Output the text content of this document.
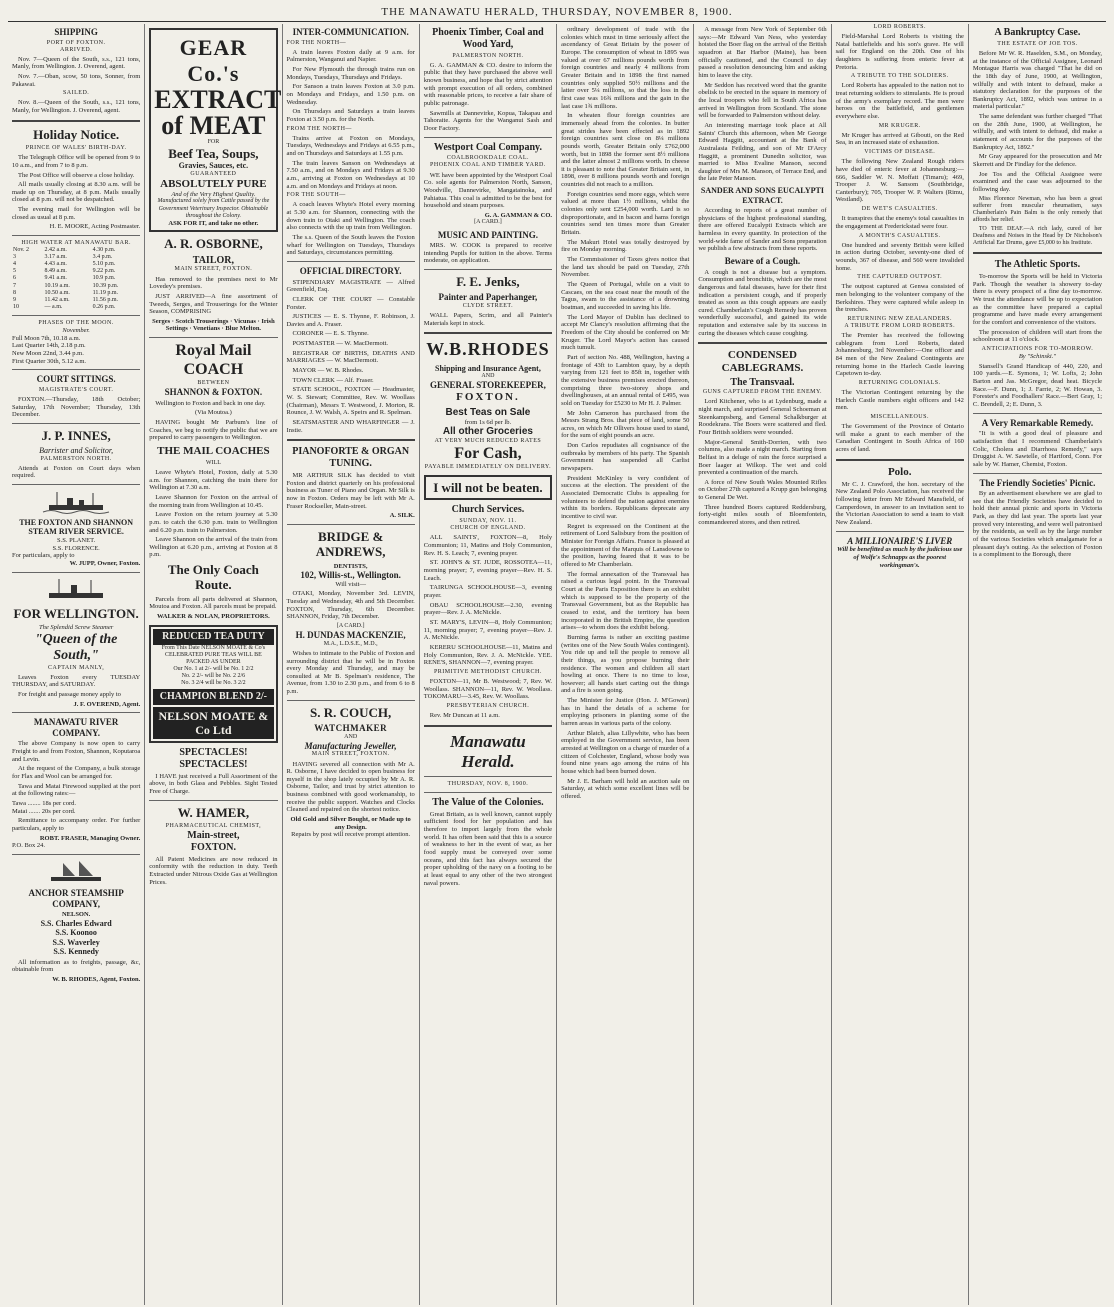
THE MANAWATU HERALD, THURSDAY, NOVEMBER 8, 1900.
SHIPPING
PORT OF FOXTON.
ARRIVED.

Nov. 7—Queen of the South, s.s., 121 tons, Manly, from Wellington. J. Overend, agent.

Nov. 7.—Oban, scow, 50 tons, Sonner, from Pakawai.

SAILED.

Nov. 8.—Queen of the South, s.s., 121 tons, Manly, for Wellington. J. Overend, agent.

Holiday Notice.
PRINCE OF WALES' BIRTH-DAY.

The Telegraph Office will be opened from 9 to 10 a.m., and from 7 to 8 p.m.

The Post Office will observe a close holiday.

All mails usually closing at 8.30 a.m. will be made up on Thursday, at 8 p.m. Mails usually closed at 8 p.m. will not be despatched.

The evening mail for Wellington will be closed as usual at 8 p.m.

H. E. MOORE, Acting Postmaster.
HIGH WATER AT MANAWATU BAR.
Nov. 2	2.42 a.m.	4.30 p.m.
3	3.17 a.m.	3.4 p.m.
4	4.43 a.m.	5.10 p.m.
5	8.49 a.m.	9.22 p.m.
6	9.41 a.m.	10.9 p.m.
7	10.19 a.m.	10.39 p.m.
8	10.50 a.m.	11.19 p.m.
9	11.42 a.m.	11.56 p.m.
10	— a.m.	0.26 p.m.
PHASES OF THE MOON.
November.
Full Moon 7th, 10.18 a.m.
Last Quarter 14th, 2.18 p.m.
New Moon 22nd, 3.44 p.m.
First Quarter 30th, 5.12 a.m.
COURT SITTINGS.
MAGISTRATE'S COURT.

FOXTON.—Thursday, 18th October; Saturday, 17th November; Thursday, 13th December.

J. P. INNES,
Barrister and Solicitor,
PALMERSTON NORTH.

Attends at Foxton on Court days when required.

THE FOXTON AND SHANNON STEAM RIVER SERVICE.
S.S. PLANET.
S.S. FLORENCE.
For particulars, apply to
W. JUPP, Owner, Foxton.
FOR WELLINGTON.
The Splendid Screw Steamer
"Queen of the South,"
CAPTAIN MANLY,

Leaves Foxton every TUESDAY THURSDAY, and SATURDAY.

For freight and passage money apply to

J. F. OVEREND, Agent.
MANAWATU RIVER COMPANY.

The above Company is now open to carry Freight to and from Foxton, Shannon, Koputaroa and Levin.

At the request of the Company, a bulk storage for Flax and Wool can be arranged for.

Tawa and Matai Firewood supplied at the port at the following rates:—

Tawa ........ 18s per cord.
Matai ....... 20s per cord.

Remittance to accompany order. For further particulars, apply to

ROBT. FRASER, Managing Owner.
P.O. Box 24.
ANCHOR STEAMSHIP COMPANY,
NELSON.
S.S. Charles Edward
S.S. Koonoo
S.S. Waverley
S.S. Kennedy

All information as to freights, passage, &c, obtainable from

W. B. RHODES, Agent, Foxton.
GEAR Co.'s
EXTRACT of MEAT
FOR
Beef Tea, Soups,
Gravies, Sauces, etc.
GUARANTEED
ABSOLUTELY PURE
And of the Very Highest Quality.
Manufactured solely from Cattle passed by the Government Veterinary Inspector. Obtainable throughout the Colony.
ASK FOR IT, and take no other.
A. R. OSBORNE,
TAILOR,
MAIN STREET, FOXTON.

Has removed to the premises next to Mr Lovedey's premises.

JUST ARRIVED—A fine assortment of Tweeds, Serges, and Trouserings for the Winter Season, COMPRISING

Serges · Scotch Trouserings · Vicunas · Irish Settings · Venetians · Blue Melton.
Royal Mail COACH
BETWEEN
SHANNON & FOXTON.

Wellington to Foxton and back in one day.

(Via Moutoa.)

HAVING bought Mr Parbum's line of Coaches, we beg to notify the public that we are prepared to carry passengers to Wellington.

THE MAIL COACHES
WILL

Leave Whyte's Hotel, Foxton, daily at 5.30 a.m. for Shannon, catching the train there for Wellington at 7.30 a.m.

Leave Shannon for Foxton on the arrival of the morning train from Wellington at 10.45.

Leave Foxton on the return journey at 5.30 p.m. to catch the 6.30 p.m. train to Wellington and 6.20 p.m. train to Palmerston.

Leave Shannon on the arrival of the train from Wellington at 6.20 p.m., arriving at Foxton at 8 p.m.

The Only Coach Route.

Parcels from all parts delivered at Shannon, Moutoa and Foxton. All parcels must be prepaid.

WALKER & NOLAN, PROPRIETORS.
REDUCED TEA DUTY
From This Date NELSON MOATE & Co's CELEBRATED PURE TEAS WILL BE PACKED AS UNDER
Our No. 1 at 2/- will be No. 1 2/2
No. 2 2/- will be No. 2 2/6
No. 3 2/4 will be No. 3 2/2
CHAMPION BLEND 2/-
NELSON MOATE & Co Ltd
SPECTACLES! SPECTACLES!

I HAVE just received a Full Assortment of the above, in both Glass and Pebbles. Sight Tested Free of Charge.

W. HAMER,
PHARMACEUTICAL CHEMIST,
Main-street,
FOXTON.

All Patent Medicines are now reduced in conformity with the reduction in duty. Teeth Extracted under Nitrous Oxide Gas at Wellington Prices.

INTER-COMMUNICATION.
FOR THE NORTH—

A train leaves Foxton daily at 9 a.m. for Palmerston, Wanganui and Napier.

For New Plymouth the through trains run on Mondays, Tuesdays, Thursdays and Fridays.

For Sanson a train leaves Foxton at 3.0 p.m. on Mondays and Fridays, and 1.50 p.m. on Wednesday.

On Thursdays and Saturdays a train leaves Foxton at 3.50 p.m. for the North.

FROM THE NORTH—

Trains arrive at Foxton on Mondays, Tuesdays, Wednesdays and Fridays at 6.55 p.m., and on Thursdays and Saturdays at 1.55 p.m.

The train leaves Sanson on Wednesdays at 7.50 a.m., and on Mondays and Fridays at 9.30 a.m., arriving at Foxton on Wednesdays at 10 a.m. and on Mondays and Fridays at noon.

FOR THE SOUTH—

A coach leaves Whyte's Hotel every morning at 5.30 a.m. for Shannon, connecting with the down train to Otaki and Wellington. The coach also connects with the up train from Wellington.

The s.s. Queen of the South leaves the Foxton wharf for Wellington on Tuesdays, Thursdays and Saturdays, circumstances permitting.

OFFICIAL DIRECTORY.

STIPENDIARY MAGISTRATE — Alfred Greenfield, Esq.

CLERK OF THE COURT — Constable Forster.

JUSTICES — E. S. Thynne, F. Robinson, J. Davies and A. Fraser.

CORONER — E. S. Thynne.

POSTMASTER — W. MacDermott.

REGISTRAR OF BIRTHS, DEATHS AND MARRIAGES — W. MacDermott.

MAYOR — W. B. Rhodes.

TOWN CLERK — Alf. Fraser.

STATE SCHOOL, FOXTON — Headmaster, W. S. Stewart; Committee, Rev. W. Woollass (Chairman), Messrs T. Westwood, J. Morton, R. Rounce, J. W. Walsh, A. Speirs and R. Spelman.

SEATSMASTER AND WHARFINGER — J. Instie.

PIANOFORTE & ORGAN TUNING.

MR ARTHUR SILK has decided to visit Foxton and district quarterly on his professional business as Tuner of Piano and Organ. Mr Silk is now in Foxton. Orders may be left with Mr A. Fraser Rockseller, Main-street.

A. SILK.
BRIDGE & ANDREWS,
DENTISTS,
102, Willis-st., Wellington.
Will visit—

OTAKI, Monday, November 3rd. LEVIN, Tuesday and Wednesday, 4th and 5th December. FOXTON, Thursday, 6th December. SHANNON, Friday, 7th December.

[A CARD.]
H. DUNDAS MACKENZIE,
M.A., L.D.S.E., M.D.,

Wishes to intimate to the Public of Foxton and surrounding district that he will be in Foxton every Monday and Thursday, and may be consulted at Mr B. Spelman's residence, The Avenue, from 1.30 to 2.30 p.m., and from 6 to 8 p.m.

S. R. COUCH,
WATCHMAKER
AND
Manufacturing Jeweller,
MAIN STREET, FOXTON.

HAVING severed all connection with Mr A. R. Osborne, I have decided to open business for myself in the shop lately occupied by Mr A. R. Osborne, Tailor, and trust by strict attention to business combined with good workmanship, to receive the public support. Watches and Clocks Cleaned and repaired on the shortest notice.

Old Gold and Silver Bought, or Made up to any Design.
Repairs by post will receive prompt attention.
Phoenix Timber, Coal and Wood Yard,
PALMERSTON NORTH.

G. A. GAMMAN & CO. desire to inform the public that they have purchased the above well known business, and hope that by strict attention with prompt execution of all orders, combined with reasonable prices, to receive a fair share of public patronage.

Sawmills at Dannevirke, Kopua, Takapau and Tahoraite. Agents for the Wanganui Sash and Door Factory.

Westport Coal Company.
COALBROOKDALE COAL.
PHOENIX COAL AND TIMBER YARD.

WE have been appointed by the Westport Coal Co. sole agents for Palmerston North, Sanson, Woodville, Dannevirke, Mangatainoka, and Pahiatua. This coal is admitted to be the best for household and steam purposes.

G. A. GAMMAN & CO.
[A CARD.]
MUSIC AND PAINTING.

MRS. W. COOK is prepared to receive intending Pupils for tuition in the above. Terms moderate, on application.

F. E. Jenks,
Painter and Paperhanger,
CLYDE STREET.

WALL Papers, Scrim, and all Painter's Materials kept in stock.

W.B.RHODES
Shipping and Insurance Agent,
AND
GENERAL STOREKEEPER,
FOXTON.
Best Teas on Sale
from 1s 6d per lb.
All other Groceries
AT VERY MUCH REDUCED RATES
For Cash,
PAYABLE IMMEDIATELY ON DELIVERY.
I will not be beaten.
Church Services.
SUNDAY, NOV. 11.
CHURCH OF ENGLAND.

ALL SAINTS', FOXTON—8, Holy Communion; 11, Matins and Holy Communion, Rev. H. S. Leach; 7, evening prayer.

ST. JOHN'S & ST. JUDE, ROSSOTEA—11, morning prayer; 7, evening prayer—Rev. H. S. Leach.

TAIRUNGA SCHOOLHOUSE—3, evening prayer.

OBAU SCHOOLHOUSE—2.30, evening prayer—Rev. J. A. McNickle.

ST. MARY'S, LEVIN—8, Holy Communion; 11, morning prayer; 7, evening prayer—Rev. J. A. McNickle.

KERERU SCHOOLHOUSE—11, Matins and Holy Communion, Rev. J. A. McNickle. YEE. RENE'S, SHANNON—7, evening prayer.

PRIMITIVE METHODIST CHURCH.

FOXTON—11, Mr B. Westwood; 7, Rev. W. Woollass. SHANNON—11, Rev. W. Woollass. TOKOMARU—3.45, Rev. W. Woollass.

PRESBYTERIAN CHURCH.

Rev. Mr Duncan at 11 a.m.

Manawatu Herald.
THURSDAY, NOV. 8, 1900.
The Value of the Colonies.

Great Britain, as is well known, cannot supply sufficient food for her population and has therefore to import largely from the whole world. It has often been said that this is a source of weakness to her in the event of war, as her food supply must be conveyed over some oceans, and this fact has always secured the proper upholding of the navy on a footing to be at least equal to any other of the two strongest naval powers.

ordinary development of trade with the colonies which must in time seriously affect the ascendancy of Great Britain by the power of Europe. The consumption of wheat in 1895 was valued at over 67 millions pounds worth from foreign countries and nearly 4 millions from Greater Britain and in 1898 the first named countries only supplied 50½ millions and the latter over 5¼ millions, so that the loss in the first case was 16¾ millions and the gain in the last case 1¾ millions.

In wheaten flour foreign countries are immensely ahead from the colonies. In butter great strides have been effected as in 1892 foreign countries sent close on 8¼ millions pounds worth, Greater Britain only £762,000 worth, but in 1898 the former sent 8½ millions and the latter almost 2 millions worth. In cheese it is pleasant to note that Greater Britain sent, in 1898, over 8 millions pounds worth and foreign countries did not reach to a million.

Foreign countries send more eggs, which were valued at more than 1½ millions, whilst the colonies only sent £254,000 worth. Lard is so disproportionate, and in bacon and hams foreign countries send ten times more than Greater Britain.

The Makuri Hotel was totally destroyed by fire on Monday morning.

The Commissioner of Taxes gives notice that the land tax should be paid on Tuesday, 27th November.

The Queen of Portugal, while on a visit to Cascaes, on the sea coast near the mouth of the Tagus, swam to the assistance of a drowning boatman, and succeeded in saving his life.

The Lord Mayor of Dublin has declined to accept Mr Clancy's resolution affirming that the Freedom of the City should be conferred on Mr Kruger. The Lord Mayor's action has caused much tumult.

Part of section No. 488, Wellington, having a frontage of 43ft to Lambton quay, by a depth varying from 121 feet to 85ft in, together with the extensive business premises erected thereon, comprising three two-storey shops and dwellinghouses, at an annual rental of £495, was sold on Tuesday for £5230 to Mr H. J. Palmer.

Mr John Cameron has purchased from the Messrs Strang Bros. that piece of land, some 50 acres, on which Mr Ollivers house used to stand, for the sum of eight pounds an acre.

Don Carlos repudiates all cognisance of the outbreaks by members of his party. The Spanish Government has suspended all Carlist newspapers.

President McKinley is very confident of success at the election. The president of the Associated Democratic Clubs is appealing for volunteers to defend the nation against enemies within its borders. Republicans deprecate any incentive to civil war.

Regret is expressed on the Continent at the retirement of Lord Salisbury from the position of Minister for Foreign Affairs. France is pleased at the appointment of the Marquis of Lansdowne to the position, having feared that it was to be offered to Mr Chamberlain.

The formal annexation of the Transvaal has raised a curious legal point. In the Transvaal Court at the Paris Exposition there is an exhibit which is supposed to be the property of the Transvaal Government, but as the Republic has ceased to exist, and the territory has been incorporated in the British Empire, the question arises—to whom does the exhibit belong.

Burning farms is rather an exciting pastime (writes one of the New South Wales contingent). You ride up and tell the people to remove all their things, as you propose burning their residence. The women and children all start howling at once. There is no time to lose, however; all hands start carting out the things and a fire is soon going.

The Minister for Justice (Hon. J. M'Gowan) has in hand the details of a scheme for employing prisoners in planting some of the barren areas in various parts of the colony.

Arthur Blatch, alias Lillywhite, who has been employed in the Government service, has been arrested at Wellington on a charge of murder of a citizen of Colchester, England, whose body was found nine years ago among the ruins of his house which had been burned down.

Mr J. E. Barham will hold an auction sale on Saturday, at which some excellent lines will be offered.

A message from New York of September 6th says:—Mr Edward Van Ness, who yesterday hoisted the Boer flag on the arrival of the British squadron at Bar Harbor (Maine), has been officially cautioned, and the Council to day passed a resolution denouncing him and asking him to leave the city.

Mr Seddon has received word that the granite obelisk to be erected in the square in memory of the local troopers who fell in South Africa has arrived in Wellington from Scotland. The stone will be forwarded to Palmerston without delay.

An interesting marriage took place at All Saints' Church this afternoon, when Mr George Edward Haggitt, accountant at the Bank of Australasia Feilding, and son of Mr D'Arcy Haggitt, a prominent Dunedin solicitor, was married to Miss Evaline Manson, second daughter of Mrs M. Manson, of Terrace End, and the late Peter Manson.

SANDER AND SONS EUCALYPTI EXTRACT.

According to reports of a great number of physicians of the highest professional standing, there are offered Eucalypti Extracts which are harmless in every quantity. In protection of the world-wide fame of Sander and Sons preparation we publish a few abstracts from these reports.

Beware of a Cough.

A cough is not a disease but a symptom. Consumption and bronchitis, which are the most dangerous and fatal diseases, have for their first indication a persistent cough, and if properly treated as soon as this cough appears are easily cured. Chamberlain's Cough Remedy has proven wonderfully successful, and gained its wide reputation and extensive sale by its success in curing the diseases which cause coughing.

CONDENSED CABLEGRAMS.
The Transvaal.
GUNS CAPTURED FROM THE ENEMY.

Lord Kitchener, who is at Lydenburg, made a night march, and surprised General Schoeman at Steenkampsberg, and General Schalkburger at Roodekrans. The Boers were scattered and fled. Four British soldiers were wounded.

Major-General Smith-Dorrien, with two columns, also made a night march. Starting from Belfast in a deluge of rain the force surprised a Boer laager at Wilkop. The wet and cold prevented a continuation of the march.

A force of New South Wales Mounted Rifles on October 27th captured a Krupp gun belonging to General De Wet.

Three hundred Boers captured Reddersburg, forty-eight miles south of Bloemfontein, commandeered stores, and then retired.

LORD ROBERTS.

Field-Marshal Lord Roberts is visiting the Natal battlefields and his son's grave. He will sail for England on the 20th. One of his daughters is suffering from enteric fever at Pretoria.

A TRIBUTE TO THE SOLDIERS.

Lord Roberts has appealed to the nation not to treat returning soldiers to stimulants. He is proud of the army's exemplary record. The men were heroes on the battlefield, and gentlemen everywhere else.

MR KRUGER.

Mr Kruger has arrived at Gibouti, on the Red Sea, in an increased state of exhaustion.

VICTIMS OF DISEASE.

The following New Zealand Rough riders have died of enteric fever at Johannesburg:—666, Saddler W. N. Moffatt (Timaru); 469, Trooper J. W. Sansom (Southbridge, Canterbury); 705, Trooper W. P. Walters (Rimu, Westland).

DE WET'S CASUALTIES.

It transpires that the enemy's total casualties in the engagement at Frederickstad were four.

A MONTH'S CASUALTIES.

One hundred and seventy British were killed in action during October, seventy-one died of wounds, 367 of disease, and 560 were invalided home.

THE CAPTURED OUTPOST.

The outpost captured at Genwa consisted of men belonging to the volunteer company of the Berkshires. They were captured while asleep in the trenches.

RETURNING NEW ZEALANDERS.
A TRIBUTE FROM LORD ROBERTS.

The Premier has received the following cablegram from Lord Roberts, dated Johannesburg, 3rd November:—One officer and 84 men of the New Zealand Contingents are returning home in the Harlech Castle leaving Capetown to-day.

RETURNING COLONIALS.

The Victorian Contingent returning by the Harlech Castle numbers eight officers and 142 men.

MISCELLANEOUS.

The Government of the Province of Ontario will make a grant to each member of the Canadian Contingent in South Africa of 160 acres of land.

Polo.

Mr C. J. Crawford, the hon. secretary of the New Zealand Polo Association, has received the following letter from Mr Edward Mansfield, of Camperdown, in answer to an invitation sent to the Victorian Association to send a team to visit New Zealand.

A MILLIONAIRE'S LIVER
Will be benefitted as much by the judicious use of Wolfe's Schnapps as the poorest workingman's.
A Bankruptcy Case.
THE ESTATE OF JOE TOS.

Before Mr W. R. Haselden, S.M., on Monday, at the instance of the Official Assignee, Leonard Montague Harris was charged "That he did on the 18th day of June, 1900, at Wellington, wilfully and with intent to defraud, make a statutory declaration for the purposes of the Bankruptcy Act, 1892, which was untrue in a material particular."

The same defendant was further charged "That on the 28th June, 1900, at Wellington, he wilfully, and with intent to defraud, did make a statement of accounts for the purposes of the Bankruptcy Act, 1892."

Mr Gray appeared for the prosecution and Mr Skerrett and Dr Findlay for the defence.

Joe Tos and the Official Assignee were examined and the case was adjourned to the following day.

Miss Florence Newman, who has been a great sufferer from muscular rheumatism, says Chamberlain's Pain Balm is the only remedy that affords her relief.

TO THE DEAF.—A rich lady, cured of her Deafness and Noises in the Head by Dr Nicholson's Artificial Ear Drums, gave £5,000 to his Institute.

The Athletic Sports.

To-morrow the Sports will be held in Victoria Park. Though the weather is showery to-day there is every prospect of a fine day to-morrow. We trust the attendance will be up to expectation as the committee have prepared a capital programme and have made every arrangement for the comfort and convenience of the visitors.

The procession of children will start from the schoolroom at 11 o'clock.

ANTICIPATIONS FOR TO-MORROW.
By "Schinski."

Stansell's Grand Handicap of 440, 220, and 100 yards.—E. Symons, 1; W. Lofts, 2; John Barton and Jas. McGregor, dead heat. Bicycle Race.—F. Dunn, 1; J. Farrie, 2; W. Howan, 3. Forester's and Foodhallers' Race.—Bert Gray, 1; C. Brendell, 2; E. Dunn, 3.

A Very Remarkable Remedy.

"It is with a good deal of pleasure and satisfaction that I recommend Chamberlain's Colic, Cholera and Diarrhoea Remedy," says Druggist A. W. Sawtelle, of Hartford, Conn. For sale by W. Hamer, Chemist, Foxton.

The Friendly Societies' Picnic.

By an advertisement elsewhere we are glad to see that the Friendly Societies have decided to hold their annual picnic and sports in Victoria Park, as they did last year. The sports last year proved very interesting, and were well patronised by the residents, as well as by the large number of the various Societies which amalgamate for a pleasant day's outing. As the selection of Foxton is a compliment to the Borough, there
